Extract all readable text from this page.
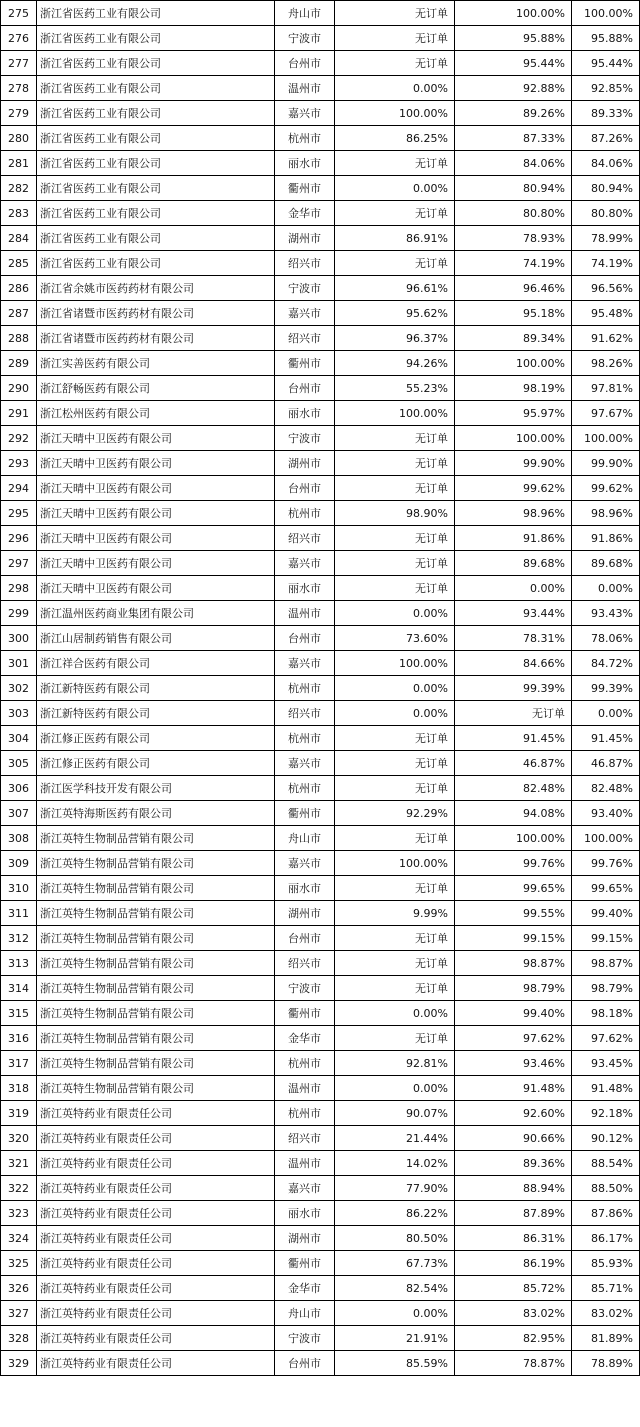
275	浙江省医药工业有限公司	舟山市	无订单	100.00%	100.00%
276	浙江省医药工业有限公司	宁波市	无订单	95.88%	95.88%
277	浙江省医药工业有限公司	台州市	无订单	95.44%	95.44%
278	浙江省医药工业有限公司	温州市	0.00%	92.88%	92.85%
279	浙江省医药工业有限公司	嘉兴市	100.00%	89.26%	89.33%
280	浙江省医药工业有限公司	杭州市	86.25%	87.33%	87.26%
281	浙江省医药工业有限公司	丽水市	无订单	84.06%	84.06%
282	浙江省医药工业有限公司	衢州市	0.00%	80.94%	80.94%
283	浙江省医药工业有限公司	金华市	无订单	80.80%	80.80%
284	浙江省医药工业有限公司	湖州市	86.91%	78.93%	78.99%
285	浙江省医药工业有限公司	绍兴市	无订单	74.19%	74.19%
286	浙江省余姚市医药药材有限公司	宁波市	96.61%	96.46%	96.56%
287	浙江省诸暨市医药药材有限公司	嘉兴市	95.62%	95.18%	95.48%
288	浙江省诸暨市医药药材有限公司	绍兴市	96.37%	89.34%	91.62%
289	浙江实善医药有限公司	衢州市	94.26%	100.00%	98.26%
290	浙江舒畅医药有限公司	台州市	55.23%	98.19%	97.81%
291	浙江松州医药有限公司	丽水市	100.00%	95.97%	97.67%
292	浙江天晴中卫医药有限公司	宁波市	无订单	100.00%	100.00%
293	浙江天晴中卫医药有限公司	湖州市	无订单	99.90%	99.90%
294	浙江天晴中卫医药有限公司	台州市	无订单	99.62%	99.62%
295	浙江天晴中卫医药有限公司	杭州市	98.90%	98.96%	98.96%
296	浙江天晴中卫医药有限公司	绍兴市	无订单	91.86%	91.86%
297	浙江天晴中卫医药有限公司	嘉兴市	无订单	89.68%	89.68%
298	浙江天晴中卫医药有限公司	丽水市	无订单	0.00%	0.00%
299	浙江温州医药商业集团有限公司	温州市	0.00%	93.44%	93.43%
300	浙江山居制药销售有限公司	台州市	73.60%	78.31%	78.06%
301	浙江祥合医药有限公司	嘉兴市	100.00%	84.66%	84.72%
302	浙江新特医药有限公司	杭州市	0.00%	99.39%	99.39%
303	浙江新特医药有限公司	绍兴市	0.00%	无订单	0.00%
304	浙江修正医药有限公司	杭州市	无订单	91.45%	91.45%
305	浙江修正医药有限公司	嘉兴市	无订单	46.87%	46.87%
306	浙江医学科技开发有限公司	杭州市	无订单	82.48%	82.48%
307	浙江英特海斯医药有限公司	衢州市	92.29%	94.08%	93.40%
308	浙江英特生物制品营销有限公司	舟山市	无订单	100.00%	100.00%
309	浙江英特生物制品营销有限公司	嘉兴市	100.00%	99.76%	99.76%
310	浙江英特生物制品营销有限公司	丽水市	无订单	99.65%	99.65%
311	浙江英特生物制品营销有限公司	湖州市	9.99%	99.55%	99.40%
312	浙江英特生物制品营销有限公司	台州市	无订单	99.15%	99.15%
313	浙江英特生物制品营销有限公司	绍兴市	无订单	98.87%	98.87%
314	浙江英特生物制品营销有限公司	宁波市	无订单	98.79%	98.79%
315	浙江英特生物制品营销有限公司	衢州市	0.00%	99.40%	98.18%
316	浙江英特生物制品营销有限公司	金华市	无订单	97.62%	97.62%
317	浙江英特生物制品营销有限公司	杭州市	92.81%	93.46%	93.45%
318	浙江英特生物制品营销有限公司	温州市	0.00%	91.48%	91.48%
319	浙江英特药业有限责任公司	杭州市	90.07%	92.60%	92.18%
320	浙江英特药业有限责任公司	绍兴市	21.44%	90.66%	90.12%
321	浙江英特药业有限责任公司	温州市	14.02%	89.36%	88.54%
322	浙江英特药业有限责任公司	嘉兴市	77.90%	88.94%	88.50%
323	浙江英特药业有限责任公司	丽水市	86.22%	87.89%	87.86%
324	浙江英特药业有限责任公司	湖州市	80.50%	86.31%	86.17%
325	浙江英特药业有限责任公司	衢州市	67.73%	86.19%	85.93%
326	浙江英特药业有限责任公司	金华市	82.54%	85.72%	85.71%
327	浙江英特药业有限责任公司	舟山市	0.00%	83.02%	83.02%
328	浙江英特药业有限责任公司	宁波市	21.91%	82.95%	81.89%
329	浙江英特药业有限责任公司	台州市	85.59%	78.87%	78.89%
